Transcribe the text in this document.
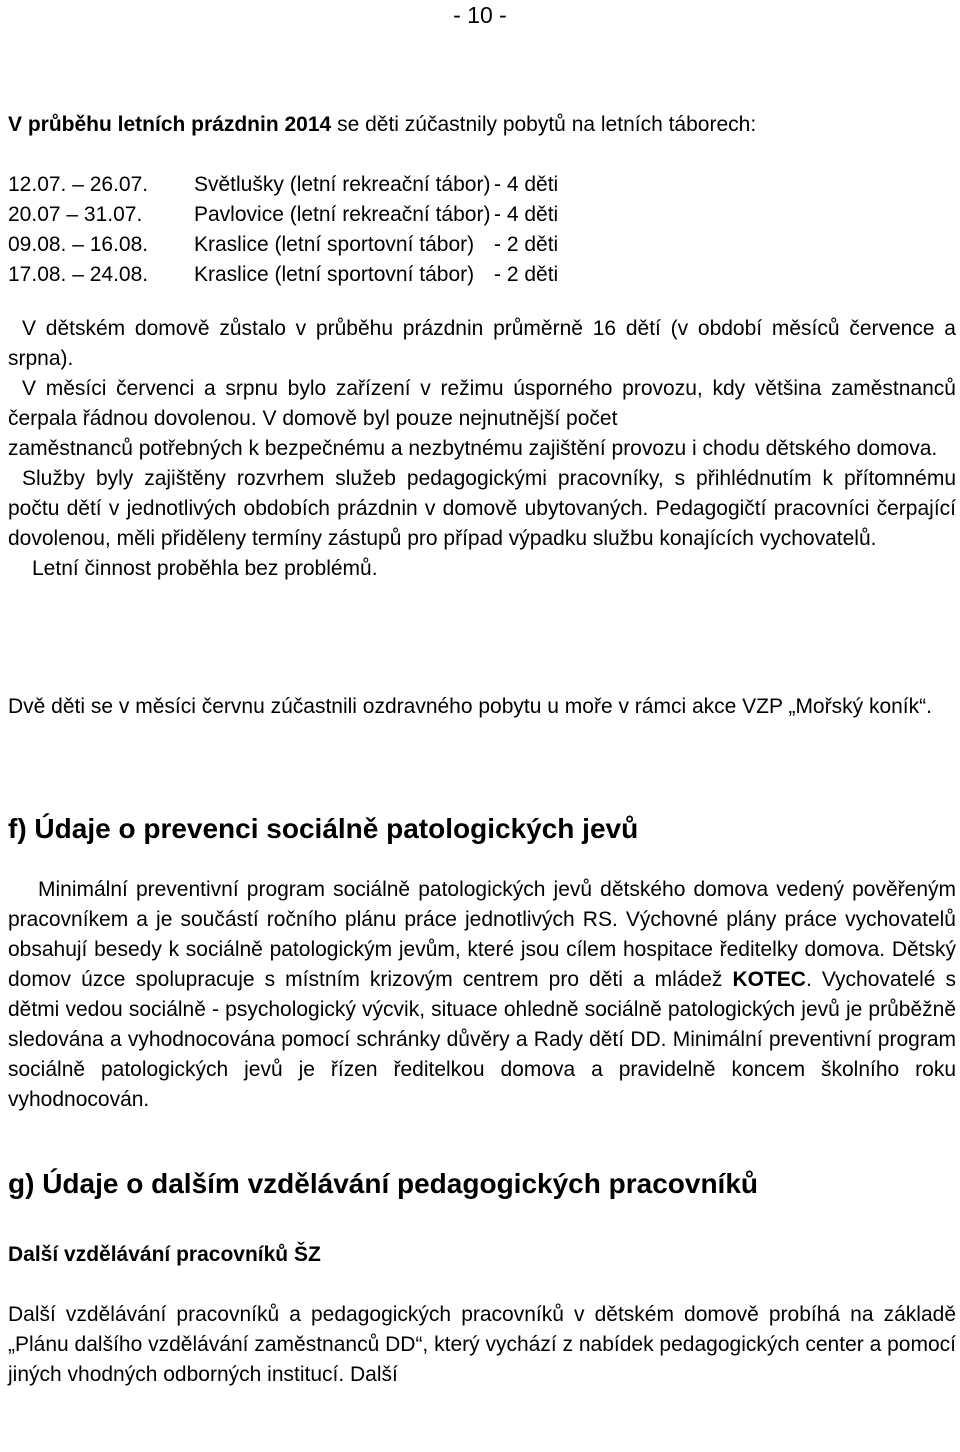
- 10 -
V průběhu letních prázdnin 2014 se děti zúčastnily pobytů na letních táborech:
12.07. – 26.07.	Světlušky (letní rekreační tábor) - 4 děti
20.07 – 31.07.	Pavlovice (letní rekreační tábor) - 4 děti
09.08. – 16.08.	Kraslice (letní sportovní tábor) - 2 děti
17.08. – 24.08.	Kraslice (letní sportovní tábor) - 2 děti

V dětském domově zůstalo v průběhu prázdnin průměrně 16 dětí (v období měsíců července a srpna).

V měsíci červenci a srpnu bylo zařízení v režimu úsporného provozu, kdy většina zaměstnanců čerpala řádnou dovolenou. V domově byl pouze nejnutnější počet

zaměstnanců potřebných k bezpečnému a nezbytnému zajištění provozu i chodu dětského domova.

Služby byly zajištěny rozvrhem služeb pedagogickými pracovníky, s přihlédnutím k přítomnému počtu dětí v jednotlivých obdobích prázdnin v domově ubytovaných. Pedagogičtí pracovníci čerpající dovolenou, měli přiděleny termíny zástupů pro případ výpadku službu konajících vychovatelů.

Letní činnost proběhla bez problémů.

Dvě děti se v měsíci červnu zúčastnili ozdravného pobytu u moře v rámci akce VZP „Mořský koník“.
f) Údaje o prevenci sociálně patologických jevů

Minimální preventivní program sociálně patologických jevů dětského domova vedený pověřeným pracovníkem a je součástí ročního plánu práce jednotlivých RS. Výchovné plány práce vychovatelů obsahují besedy k sociálně patologickým jevům, které jsou cílem hospitace ředitelky domova. Dětský domov úzce spolupracuje s místním krizovým centrem pro děti a mládež KOTEC. Vychovatelé s dětmi vedou sociálně - psychologický výcvik, situace ohledně sociálně patologických jevů je průběžně sledována a vyhodnocována pomocí schránky důvěry a Rady dětí DD. Minimální preventivní program sociálně patologických jevů je řízen ředitelkou domova a pravidelně koncem školního roku vyhodnocován.

g) Údaje o dalším vzdělávání pedagogických pracovníků
Další vzdělávání pracovníků ŠZ
Další vzdělávání pracovníků a pedagogických pracovníků v dětském domově probíhá na základě „Plánu dalšího vzdělávání zaměstnanců DD“, který vychází z nabídek pedagogických center a pomocí jiných vhodných odborných institucí. Další
